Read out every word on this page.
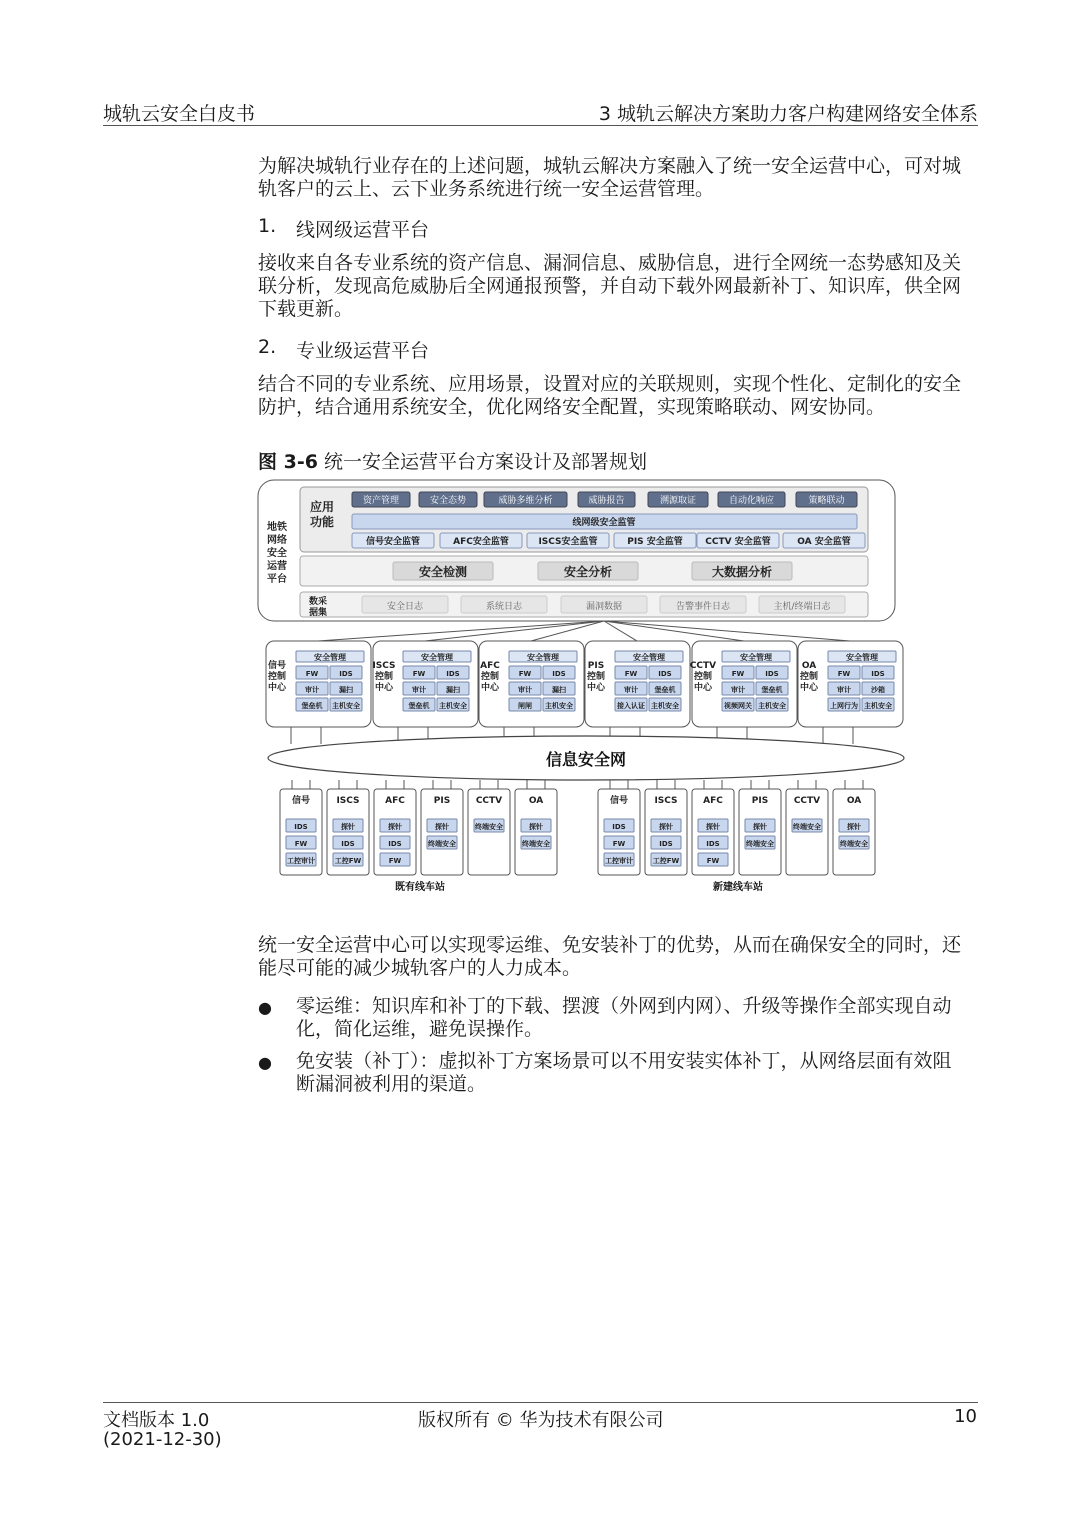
城轨云安全白皮书	3 城轨云解决方案助力客户构建网络安全体系
为解决城轨行业存在的上述问题，城轨云解决方案融入了统一安全运营中心，可对城轨客户的云上、云下业务系统进行统一安全运营管理。
1. 线网级运营平台
接收来自各专业系统的资产信息、漏洞信息、威胁信息，进行全网统一态势感知及关联分析，发现高危威胁后全网通报预警，并自动下载外网最新补丁、知识库，供全网下载更新。
2. 专业级运营平台
结合不同的专业系统、应用场景，设置对应的关联规则，实现个性化、定制化的安全防护，结合通用系统安全，优化网络安全配置，实现策略联动、网安协同。
图 3-6 统一安全运营平台方案设计及部署规划
地铁
网络
安全
运营
平台
应用
功能
资产管理	安全态势	威胁多维分析	威胁报告	溯源取证	自动化响应	策略联动
线网级安全监管
信号安全监管	AFC安全监管	ISCS安全监管	PIS 安全监管 CCTV 安全监管	OA 安全监管
安全检测	安全分析	大数据分析
数采
据集
安全日志	系统日志	漏洞数据	告警事件日志	主机/终端日志
信号
控制
中心
安全管理
FW	IDS
审计	漏扫
堡垒机 主机安全
ISCS
控制
中心
安全管理
FW	IDS
审计	漏扫
堡垒机 主机安全
AFC
控制
中心
安全管理
FW	IDS
审计	漏扫
闸闸 主机安全
PIS
控制
中心
安全管理
FW	IDS
审计 堡垒机
接入认证 主机安全
CCTV
控制
中心
安全管理
FW	IDS
审计 堡垒机
视频网关 主机安全
OA
控制
中心
安全管理
FW	IDS
审计	沙箱
上网行为 主机安全
信息安全网
信号
IDS
FW
工控审计
ISCS
探针
IDS
工控FW
AFC
探针
IDS
FW
PIS
探针
终端安全
CCTV
终端安全
OA
探针
终端安全
既有线车站
信号
IDS
FW
工控审计
ISCS
探针
IDS
工控FW
AFC
探针
IDS
FW
PIS
探针
终端安全
CCTV
终端安全
OA
探针
终端安全
新建线车站
统一安全运营中心可以实现零运维、免安装补丁的优势，从而在确保安全的同时，还能尽可能的减少城轨客户的人力成本。
● 零运维：知识库和补丁的下载、摆渡（外网到内网）、升级等操作全部实现自动化，简化运维，避免误操作。
● 免安装（补丁）：虚拟补丁方案场景可以不用安装实体补丁，从网络层面有效阻断漏洞被利用的渠道。
文档版本 1.0
(2021-12-30)
版权所有 © 华为技术有限公司	10
